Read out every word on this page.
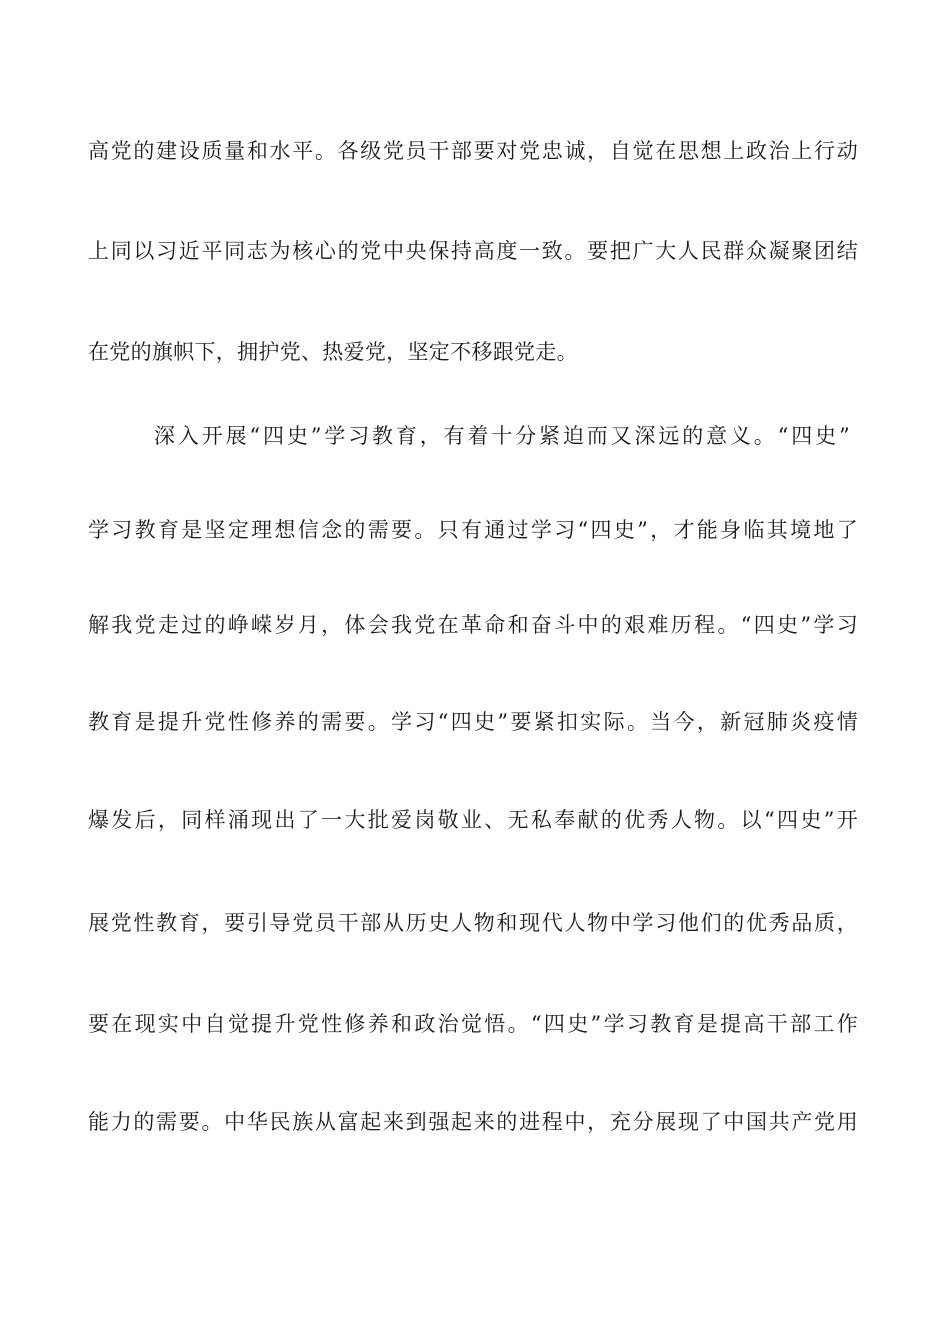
高党的建设质量和水平。各级党员干部要对党忠诚，自觉在思想上政治上行动
上同以习近平同志为核心的党中央保持高度一致。要把广大人民群众凝聚团结
在党的旗帜下，拥护党、热爱党，坚定不移跟党走。
深入开展“四史”学习教育，有着十分紧迫而又深远的意义。“四史”
学习教育是坚定理想信念的需要。只有通过学习“四史”，才能身临其境地了
解我党走过的峥嵘岁月，体会我党在革命和奋斗中的艰难历程。“四史”学习
教育是提升党性修养的需要。学习“四史”要紧扣实际。当今，新冠肺炎疫情
爆发后，同样涌现出了一大批爱岗敬业、无私奉献的优秀人物。以“四史”开
展党性教育，要引导党员干部从历史人物和现代人物中学习他们的优秀品质，
要在现实中自觉提升党性修养和政治觉悟。“四史”学习教育是提高干部工作
能力的需要。中华民族从富起来到强起来的进程中，充分展现了中国共产党用
